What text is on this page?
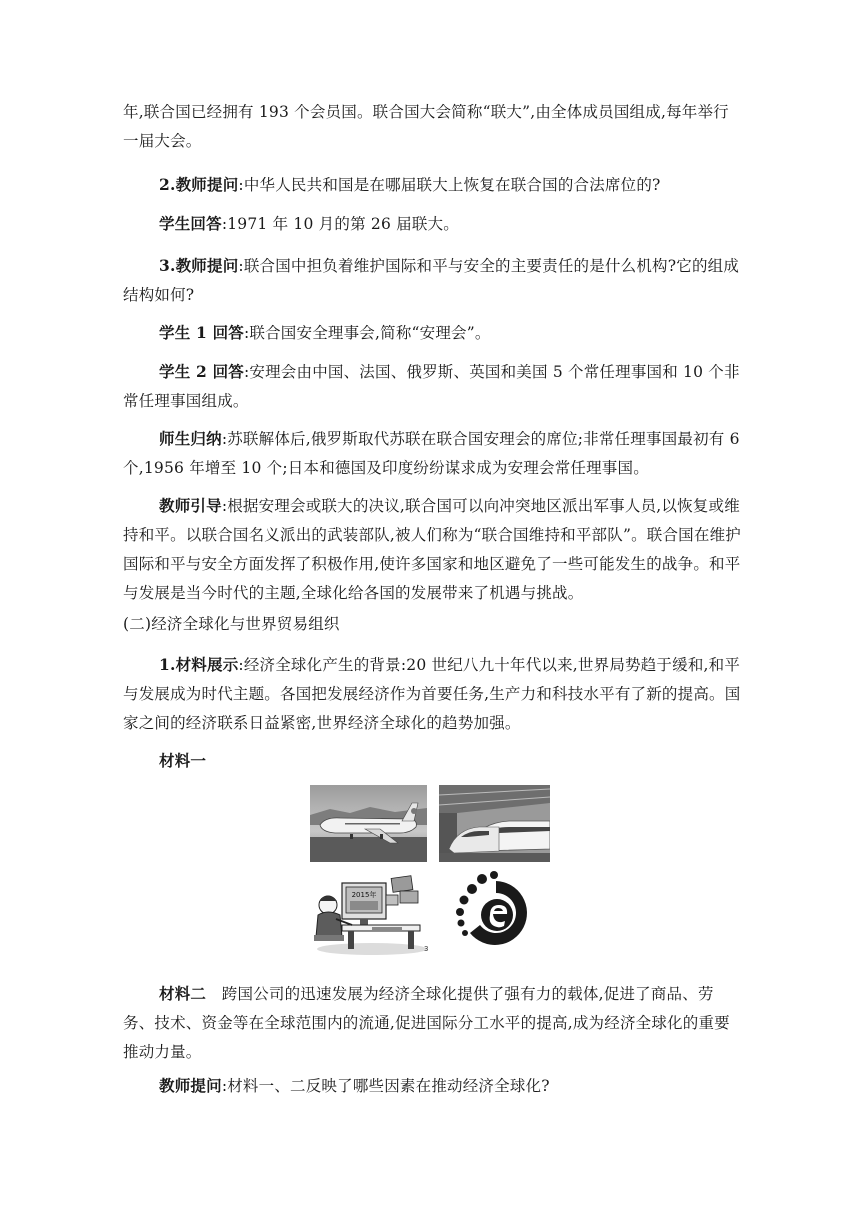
年,联合国已经拥有 193 个会员国。联合国大会简称“联大”,由全体成员国组成,每年举行一届大会。

2.教师提问:中华人民共和国是在哪届联大上恢复在联合国的合法席位的?

学生回答:1971 年 10 月的第 26 届联大。

3.教师提问:联合国中担负着维护国际和平与安全的主要责任的是什么机构?它的组成结构如何?

学生 1 回答:联合国安全理事会,简称“安理会”。

学生 2 回答:安理会由中国、法国、俄罗斯、英国和美国 5 个常任理事国和 10 个非常任理事国组成。

师生归纳:苏联解体后,俄罗斯取代苏联在联合国安理会的席位;非常任理事国最初有 6 个,1956 年增至 10 个;日本和德国及印度纷纷谋求成为安理会常任理事国。

教师引导:根据安理会或联大的决议,联合国可以向冲突地区派出军事人员,以恢复或维持和平。以联合国名义派出的武装部队,被人们称为“联合国维持和平部队”。联合国在维护国际和平与安全方面发挥了积极作用,使许多国家和地区避免了一些可能发生的战争。和平与发展是当今时代的主题,全球化给各国的发展带来了机遇与挑战。

(二)经济全球化与世界贸易组织

1.材料展示:经济全球化产生的背景:20 世纪八九十年代以来,世界局势趋于缓和,和平与发展成为时代主题。各国把发展经济作为首要任务,生产力和科技水平有了新的提高。国家之间的经济联系日益紧密,世界经济全球化的趋势加强。

材料一

2015年
3

材料二　跨国公司的迅速发展为经济全球化提供了强有力的载体,促进了商品、劳务、技术、资金等在全球范围内的流通,促进国际分工水平的提高,成为经济全球化的重要推动力量。

教师提问:材料一、二反映了哪些因素在推动经济全球化?
